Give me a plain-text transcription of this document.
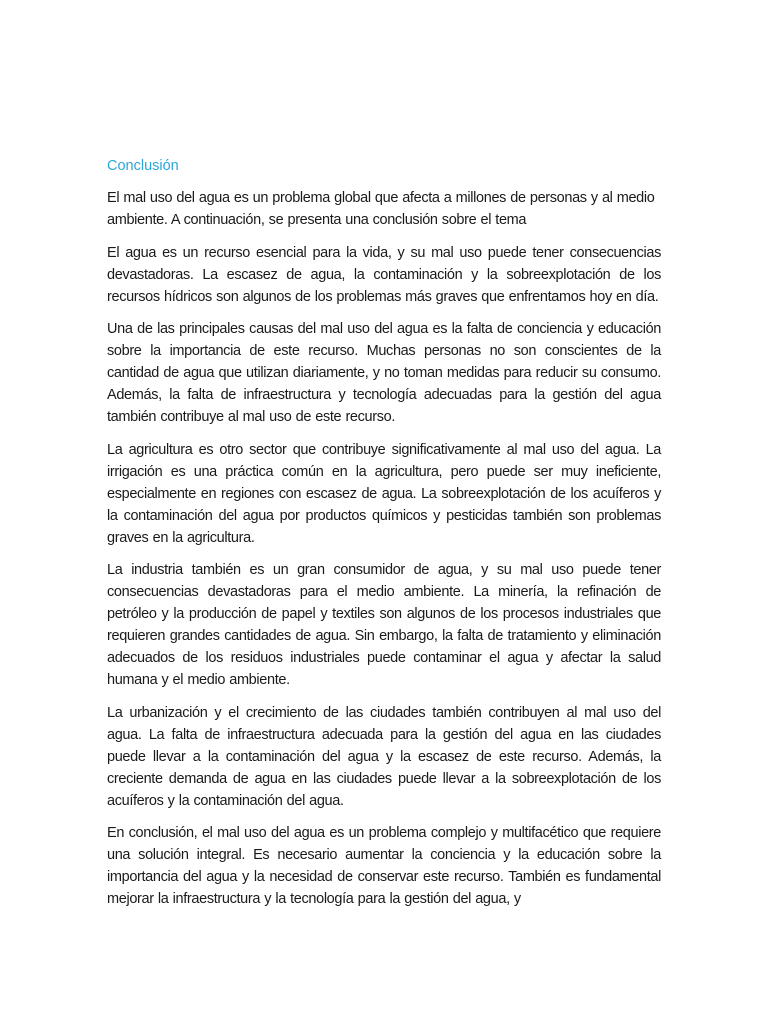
Conclusión

El mal uso del agua es un problema global que afecta a millones de personas y al medio ambiente. A continuación, se presenta una conclusión sobre el tema

El agua es un recurso esencial para la vida, y su mal uso puede tener consecuencias devastadoras. La escasez de agua, la contaminación y la sobreexplotación de los recursos hídricos son algunos de los problemas más graves que enfrentamos hoy en día.

Una de las principales causas del mal uso del agua es la falta de conciencia y educación sobre la importancia de este recurso. Muchas personas no son conscientes de la cantidad de agua que utilizan diariamente, y no toman medidas para reducir su consumo. Además, la falta de infraestructura y tecnología adecuadas para la gestión del agua también contribuye al mal uso de este recurso.

La agricultura es otro sector que contribuye significativamente al mal uso del agua. La irrigación es una práctica común en la agricultura, pero puede ser muy ineficiente, especialmente en regiones con escasez de agua. La sobreexplotación de los acuíferos y la contaminación del agua por productos químicos y pesticidas también son problemas graves en la agricultura.

La industria también es un gran consumidor de agua, y su mal uso puede tener consecuencias devastadoras para el medio ambiente. La minería, la refinación de petróleo y la producción de papel y textiles son algunos de los procesos industriales que requieren grandes cantidades de agua. Sin embargo, la falta de tratamiento y eliminación adecuados de los residuos industriales puede contaminar el agua y afectar la salud humana y el medio ambiente.

La urbanización y el crecimiento de las ciudades también contribuyen al mal uso del agua. La falta de infraestructura adecuada para la gestión del agua en las ciudades puede llevar a la contaminación del agua y la escasez de este recurso. Además, la creciente demanda de agua en las ciudades puede llevar a la sobreexplotación de los acuíferos y la contaminación del agua.

En conclusión, el mal uso del agua es un problema complejo y multifacético que requiere una solución integral. Es necesario aumentar la conciencia y la educación sobre la importancia del agua y la necesidad de conservar este recurso. También es fundamental mejorar la infraestructura y la tecnología para la gestión del agua, y
